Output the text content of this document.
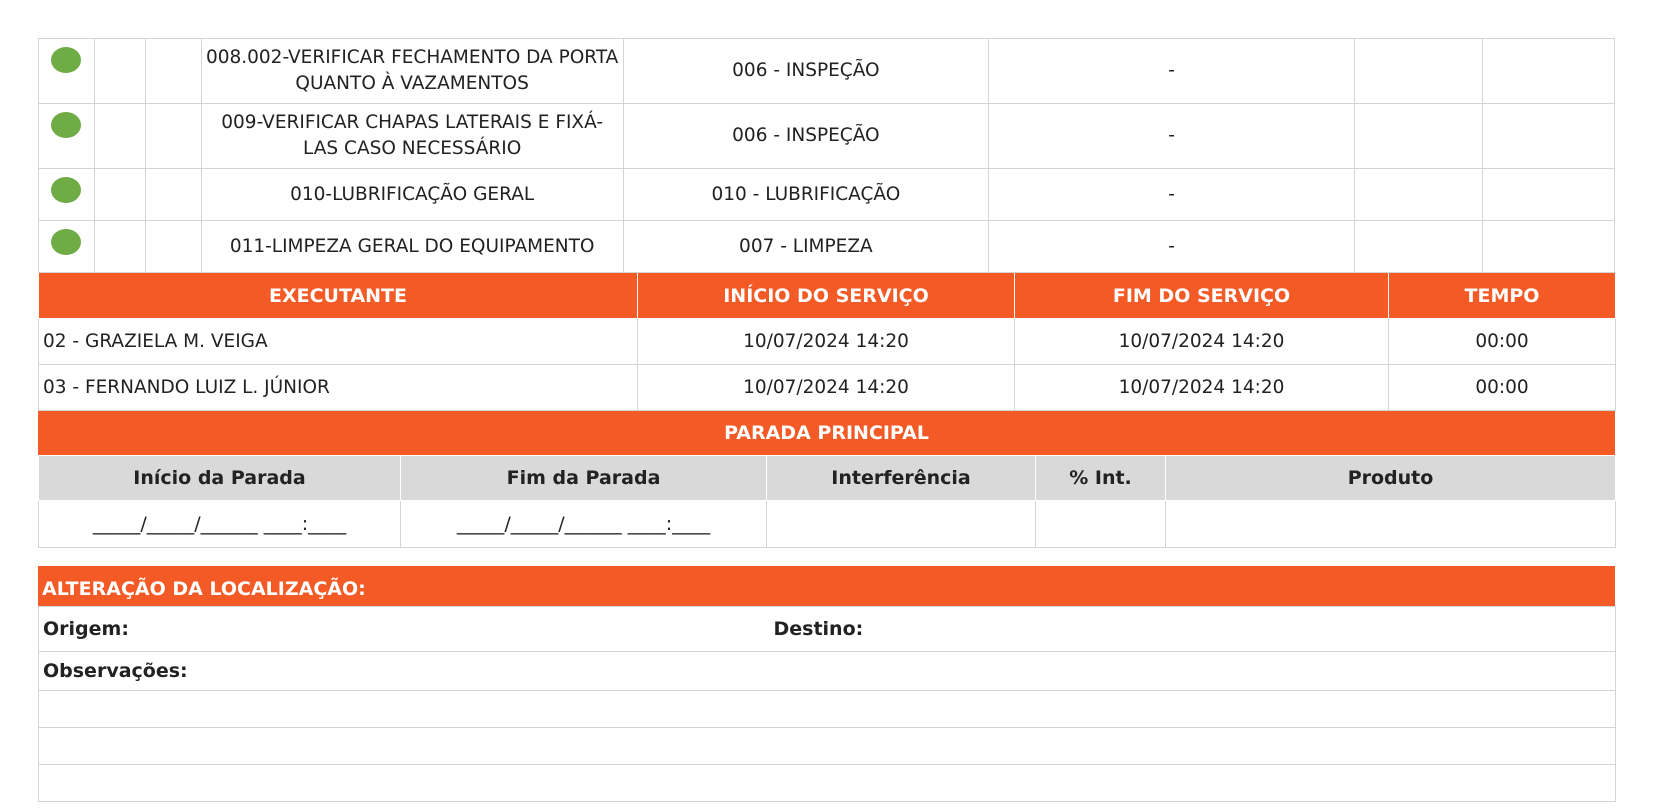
			008.002-VERIFICAR FECHAMENTO DA PORTA QUANTO À VAZAMENTOS	006 - INSPEÇÃO	-		

			009-VERIFICAR CHAPAS LATERAIS E FIXÁ-LAS CASO NECESSÁRIO	006 - INSPEÇÃO	-		

			010-LUBRIFICAÇÃO GERAL	010 - LUBRIFICAÇÃO	-		

			011-LIMPEZA GERAL DO EQUIPAMENTO	007 - LIMPEZA	-		
EXECUTANTE	INÍCIO DO SERVIÇO	FIM DO SERVIÇO	TEMPO
02 - GRAZIELA M. VEIGA	10/07/2024 14:20	10/07/2024 14:20	00:00
03 - FERNANDO LUIZ L. JÚNIOR	10/07/2024 14:20	10/07/2024 14:20	00:00
PARADA PRINCIPAL
Início da Parada	Fim da Parada	Interferência	% Int.	Produto
_____/_____/______ ____:____	_____/_____/______ ____:____			
ALTERAÇÃO DA LOCALIZAÇÃO:
Origem:	Destino:
Observações:
